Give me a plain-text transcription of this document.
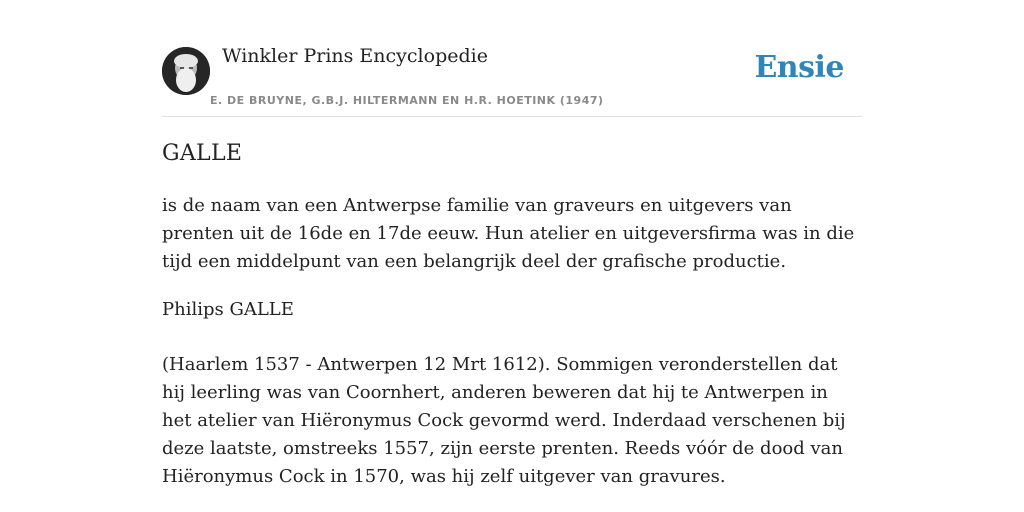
Winkler Prins Encyclopedie
E. DE BRUYNE, G.B.J. HILTERMANN EN H.R. HOETINK (1947)
Ensie
GALLE

is de naam van een Antwerpse familie van graveurs en uitgevers van prenten uit de 16de en 17de eeuw. Hun atelier en uitgeversfirma was in die tijd een middelpunt van een belangrijk deel der grafische productie.

Philips GALLE

(Haarlem 1537 - Antwerpen 12 Mrt 1612). Sommigen veronderstellen dat hij leerling was van Coornhert, anderen beweren dat hij te Antwerpen in het atelier van Hiëronymus Cock gevormd werd. Inderdaad verschenen bij deze laatste, omstreeks 1557, zijn eerste prenten. Reeds vóór de dood van Hiëronymus Cock in 1570, was hij zelf uitgever van gravures.
